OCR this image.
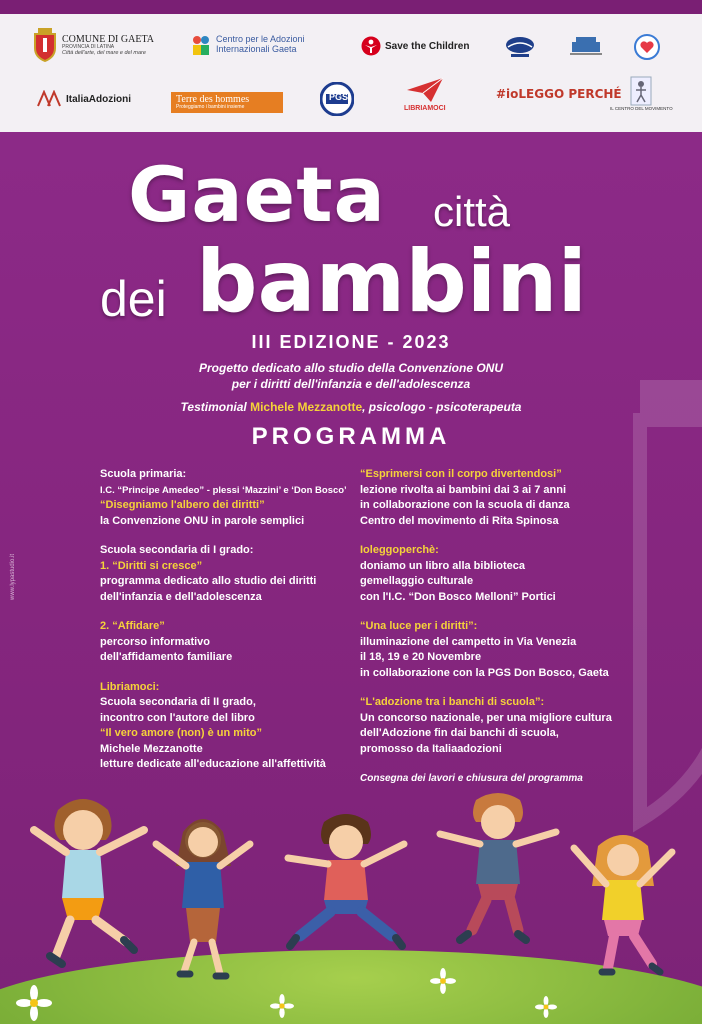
COMUNE DI GAETA
PROVINCIA DI LATINA
Città dell'arte, del mare e del mare
Centro per le Adozioni
Internazionali Gaeta	Save the Children
ItaliaAdozioni	Terre des hommes
Proteggiamo i bambini insieme
PGS
LIBRIAMOCI
#ioLEGGO PERCHÉ
IL CENTRO DEL MOVIMENTO
www.lypastudio.it
Gaeta città
bambini
dei
III EDIZIONE - 2023
Progetto dedicato allo studio della Convenzione ONU
per i diritti dell'infanzia e dell'adolescenza
Testimonial Michele Mezzanotte, psicologo - psicoterapeuta
PROGRAMMA
Scuola primaria:
I.C. “Principe Amedeo” - plessi ‘Mazzini’ e ‘Don Bosco’
“Disegniamo l'albero dei diritti”
la Convenzione ONU in parole semplici
Scuola secondaria di I grado:
1. “Diritti si cresce”
programma dedicato allo studio dei diritti
dell'infanzia e dell'adolescenza
2. “Affidare”
percorso informativo
dell'affidamento familiare
Libriamoci:
Scuola secondaria di II grado,
incontro con l'autore del libro
“Il vero amore (non) è un mito”
Michele Mezzanotte
letture dedicate all'educazione all'affettività
“Esprimersi con il corpo divertendosi”
lezione rivolta ai bambini dai 3 ai 7 anni
in collaborazione con la scuola di danza
Centro del movimento di Rita Spinosa
Ioleggoperchè:
doniamo un libro alla biblioteca
gemellaggio culturale
con l'I.C. “Don Bosco Melloni” Portici
“Una luce per i diritti”:
illuminazione del campetto in Via Venezia
il 18, 19 e 20 Novembre
in collaborazione con la PGS Don Bosco, Gaeta
“L'adozione tra i banchi di scuola”:
Un concorso nazionale, per una migliore cultura
dell'Adozione fin dai banchi di scuola,
promosso da Italiaadozioni
Consegna dei lavori e chiusura del programma
